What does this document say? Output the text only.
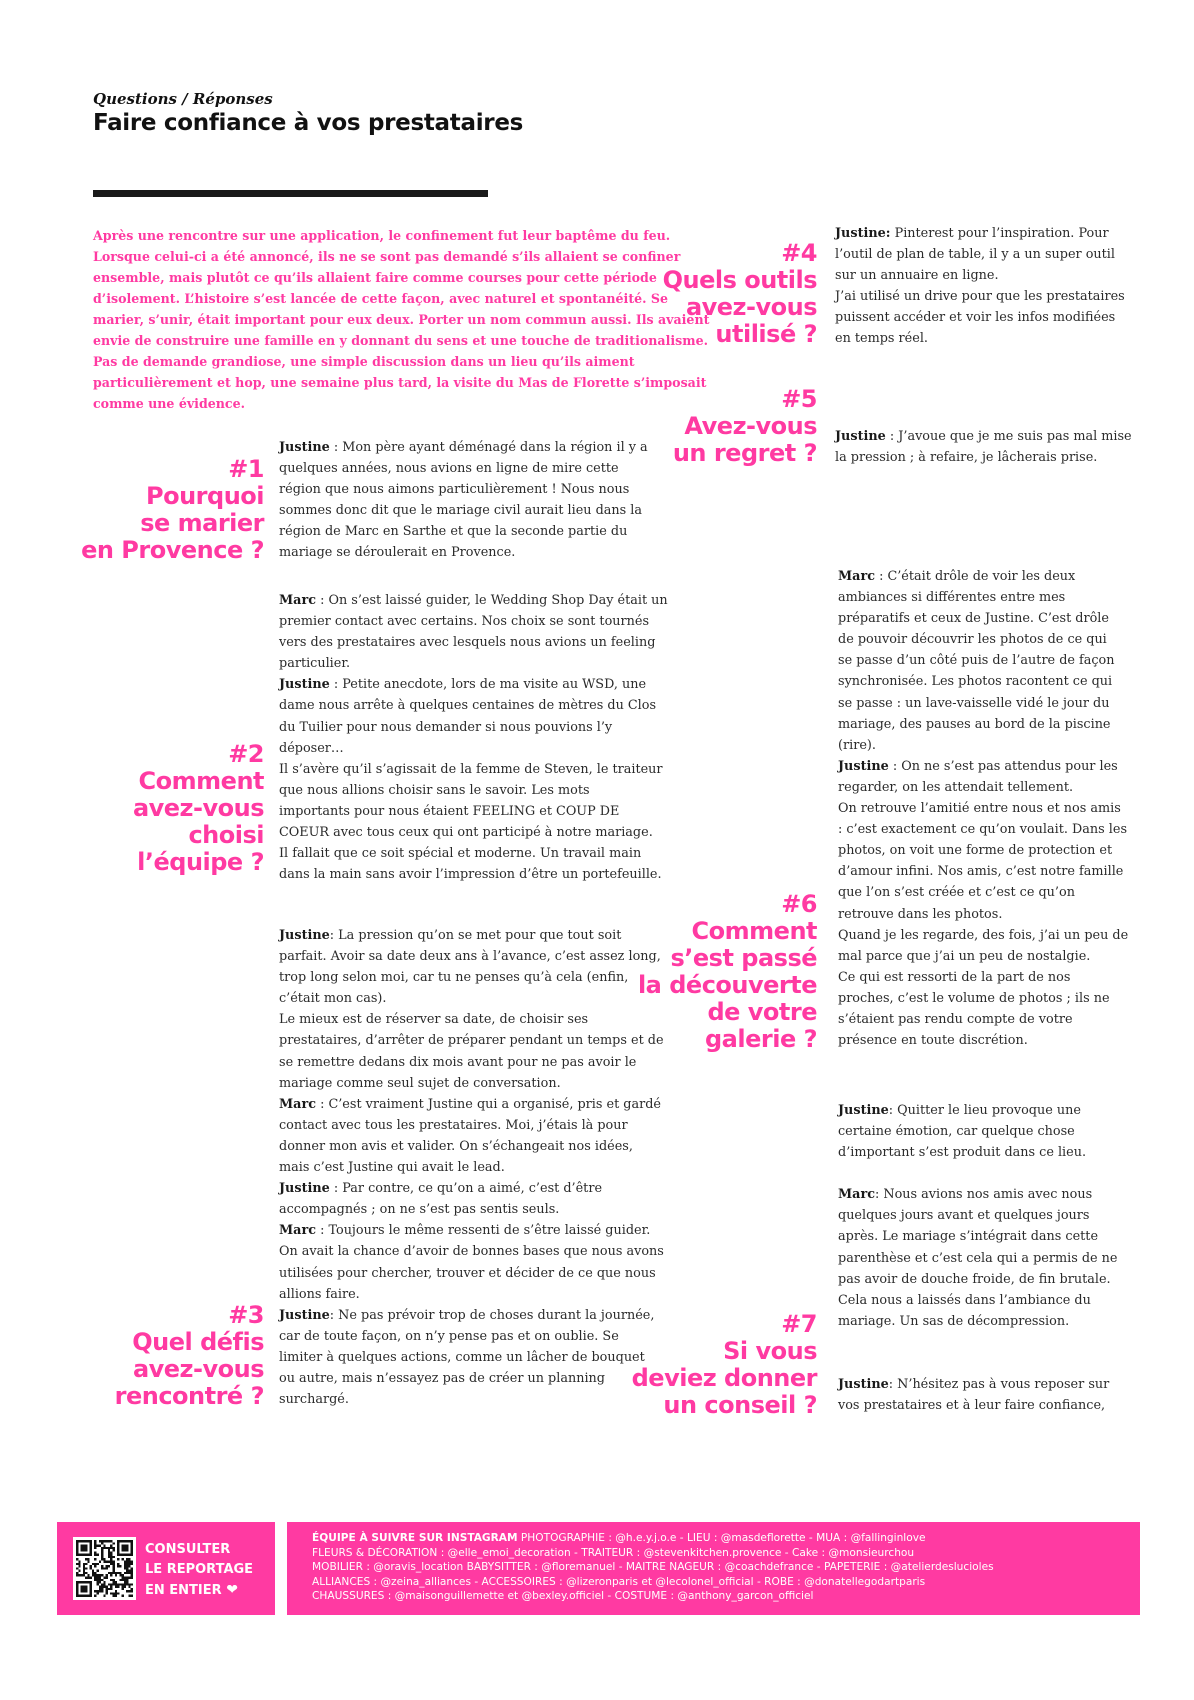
Questions / Réponses
Faire confiance à vos prestataires
Après une rencontre sur une application, le confinement fut leur baptême du feu.
Lorsque celui-ci a été annoncé, ils ne se sont pas demandé s’ils allaient se confiner
ensemble, mais plutôt ce qu’ils allaient faire comme courses pour cette période
d’isolement. L’histoire s’est lancée de cette façon, avec naturel et spontanéité. Se
marier, s’unir, était important pour eux deux. Porter un nom commun aussi. Ils avaient
envie de construire une famille en y donnant du sens et une touche de traditionalisme.
Pas de demande grandiose, une simple discussion dans un lieu qu’ils aiment
particulièrement et hop, une semaine plus tard, la visite du Mas de Florette s’imposait
comme une évidence.
#1
Pourquoi
se marier
en Provence ?
#2
Comment
avez-vous
choisi
l’équipe ?
#3
Quel défis
avez-vous
rencontré ?
#4
Quels outils
avez-vous
utilisé ?
#5
Avez-vous
un regret ?
#6
Comment
s’est passé
la découverte
de votre
galerie ?
#7
Si vous
deviez donner
un conseil ?

Justine : Mon père ayant déménagé dans la région il y a

quelques années, nous avions en ligne de mire cette

région que nous aimons particulièrement ! Nous nous

sommes donc dit que le mariage civil aurait lieu dans la

région de Marc en Sarthe et que la seconde partie du

mariage se déroulerait en Provence.

Marc : On s’est laissé guider, le Wedding Shop Day était un

premier contact avec certains. Nos choix se sont tournés

vers des prestataires avec lesquels nous avions un feeling

particulier.

Justine : Petite anecdote, lors de ma visite au WSD, une

dame nous arrête à quelques centaines de mètres du Clos

du Tuilier pour nous demander si nous pouvions l’y

déposer…

Il s’avère qu’il s’agissait de la femme de Steven, le traiteur

que nous allions choisir sans le savoir. Les mots

importants pour nous étaient FEELING et COUP DE

COEUR avec tous ceux qui ont participé à notre mariage.

Il fallait que ce soit spécial et moderne. Un travail main

dans la main sans avoir l’impression d’être un portefeuille.

Justine: La pression qu’on se met pour que tout soit

parfait. Avoir sa date deux ans à l’avance, c’est assez long,

trop long selon moi, car tu ne penses qu’à cela (enfin,

c’était mon cas).

Le mieux est de réserver sa date, de choisir ses

prestataires, d’arrêter de préparer pendant un temps et de

se remettre dedans dix mois avant pour ne pas avoir le

mariage comme seul sujet de conversation.

Marc : C’est vraiment Justine qui a organisé, pris et gardé

contact avec tous les prestataires. Moi, j’étais là pour

donner mon avis et valider. On s’échangeait nos idées,

mais c’est Justine qui avait le lead.

Justine : Par contre, ce qu’on a aimé, c’est d’être

accompagnés ; on ne s’est pas sentis seuls.

Marc : Toujours le même ressenti de s’être laissé guider.

On avait la chance d’avoir de bonnes bases que nous avons

utilisées pour chercher, trouver et décider de ce que nous

allions faire.

Justine: Ne pas prévoir trop de choses durant la journée,

car de toute façon, on n’y pense pas et on oublie. Se

limiter à quelques actions, comme un lâcher de bouquet

ou autre, mais n’essayez pas de créer un planning

surchargé.

Justine: Pinterest pour l’inspiration. Pour

l’outil de plan de table, il y a un super outil

sur un annuaire en ligne.

J’ai utilisé un drive pour que les prestataires

puissent accéder et voir les infos modifiées

en temps réel.

Justine : J’avoue que je me suis pas mal mise

la pression ; à refaire, je lâcherais prise.

Marc : C’était drôle de voir les deux

ambiances si différentes entre mes

préparatifs et ceux de Justine. C’est drôle

de pouvoir découvrir les photos de ce qui

se passe d’un côté puis de l’autre de façon

synchronisée. Les photos racontent ce qui

se passe : un lave-vaisselle vidé le jour du

mariage, des pauses au bord de la piscine

(rire).

Justine : On ne s’est pas attendus pour les

regarder, on les attendait tellement.

On retrouve l’amitié entre nous et nos amis

: c’est exactement ce qu’on voulait. Dans les

photos, on voit une forme de protection et

d’amour infini. Nos amis, c’est notre famille

que l’on s’est créée et c’est ce qu’on

retrouve dans les photos.

Quand je les regarde, des fois, j’ai un peu de

mal parce que j’ai un peu de nostalgie.

Ce qui est ressorti de la part de nos

proches, c’est le volume de photos ; ils ne

s’étaient pas rendu compte de votre

présence en toute discrétion.

Justine: Quitter le lieu provoque une

certaine émotion, car quelque chose

d’important s’est produit dans ce lieu.

Marc: Nous avions nos amis avec nous

quelques jours avant et quelques jours

après. Le mariage s’intégrait dans cette

parenthèse et c’est cela qui a permis de ne

pas avoir de douche froide, de fin brutale.

Cela nous a laissés dans l’ambiance du

mariage. Un sas de décompression.

Justine: N’hésitez pas à vous reposer sur

vos prestataires et à leur faire confiance,

CONSULTER
LE REPORTAGE
EN ENTIER ❤
ÉQUIPE À SUIVRE SUR INSTAGRAM PHOTOGRAPHIE : @h.e.y.j.o.e - LIEU : @masdeflorette - MUA : @fallinginlove
FLEURS & DÉCORATION : @elle_emoi_decoration - TRAITEUR : @stevenkitchen.provence - Cake : @monsieurchou
MOBILIER : @oravis_location BABYSITTER : @floremanuel - MAITRE NAGEUR : @coachdefrance - PAPETERIE : @atelierdeslucioles
ALLIANCES : @zeina_alliances - ACCESSOIRES : @lizeronparis et @lecolonel_official - ROBE : @donatellegodartparis
CHAUSSURES : @maisonguillemette et @bexley.officiel - COSTUME : @anthony_garcon_officiel
